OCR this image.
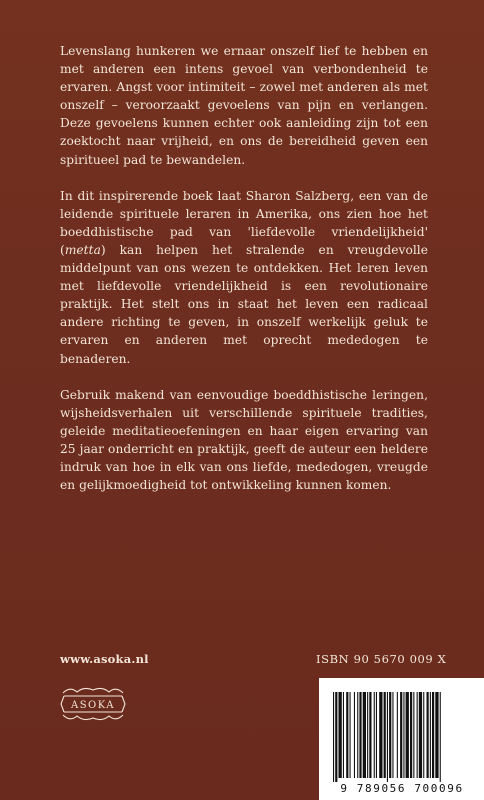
Levenslang hunkeren we ernaar onszelf lief te hebben en met anderen een intens gevoel van verbondenheid te ervaren. Angst voor intimiteit – zowel met anderen als met onszelf – veroorzaakt gevoelens van pijn en verlangen. Deze gevoelens kunnen echter ook aanleiding zijn tot een zoektocht naar vrijheid, en ons de bereidheid geven een spiritueel pad te bewandelen.

In dit inspirerende boek laat Sharon Salzberg, een van de leidende spirituele leraren in Amerika, ons zien hoe het boeddhistische pad van 'liefdevolle vriendelijkheid' (metta) kan helpen het stralende en vreugdevolle middelpunt van ons wezen te ontdekken. Het leren leven met liefdevolle vriendelijkheid is een revolutionaire praktijk. Het stelt ons in staat het leven een radicaal andere richting te geven, in onszelf werkelijk geluk te ervaren en anderen met oprecht mededogen te benaderen.

Gebruik makend van eenvoudige boeddhistische leringen, wijsheidsverhalen uit verschillende spirituele tradities, geleide meditatieoefeningen en haar eigen ervaring van 25 jaar onderricht en praktijk, geeft de auteur een heldere indruk van hoe in elk van ons liefde, mededogen, vreugde en gelijkmoedigheid tot ontwikkeling kunnen komen.

www.asoka.nl	ISBN 90 5670 009 X
ASOKA
9 789056 700096
